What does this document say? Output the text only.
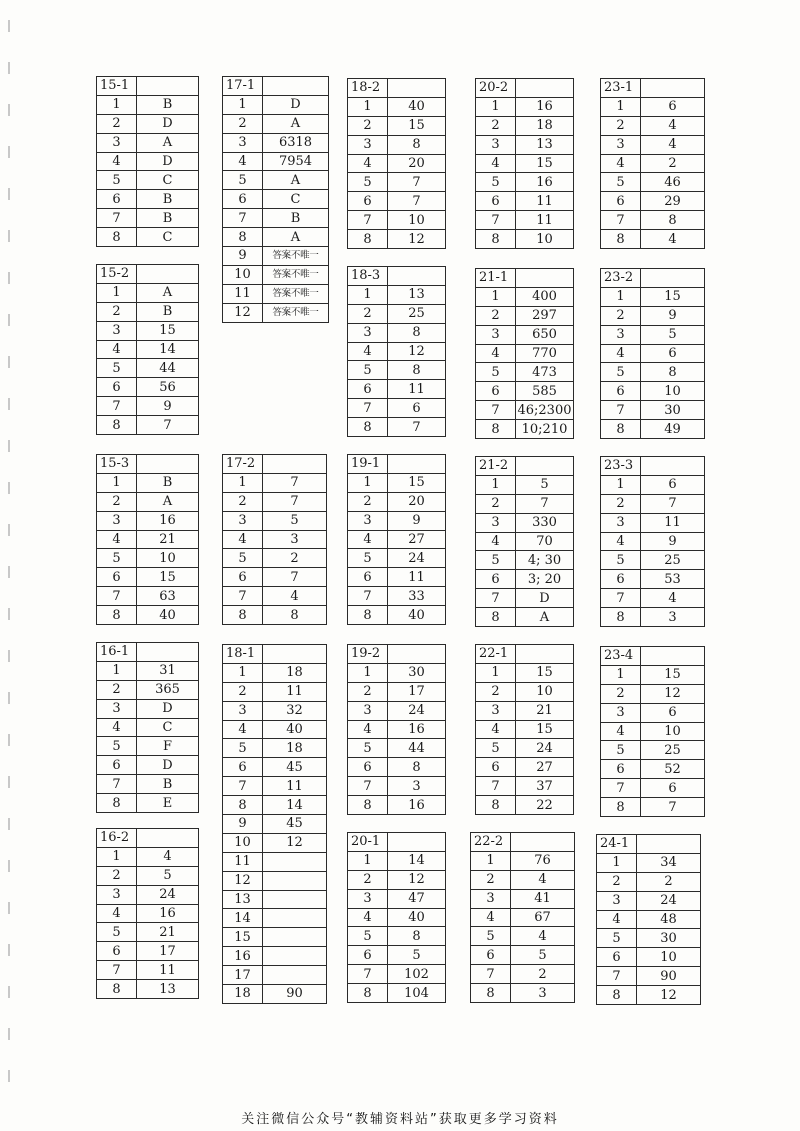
15-1	
1	B
2	D
3	A
4	D
5	C
6	B
7	B
8	C
17-1	
1	D
2	A
3	6318
4	7954
5	A
6	C
7	B
8	A
9	答案不唯一
10	答案不唯一
11	答案不唯一
12	答案不唯一
18-2	
1	40
2	15
3	8
4	20
5	7
6	7
7	10
8	12
20-2	
1	16
2	18
3	13
4	15
5	16
6	11
7	11
8	10
23-1	
1	6
2	4
3	4
4	2
5	46
6	29
7	8
8	4
15-2	
1	A
2	B
3	15
4	14
5	44
6	56
7	9
8	7
18-3	
1	13
2	25
3	8
4	12
5	8
6	11
7	6
8	7
21-1	
1	400
2	297
3	650
4	770
5	473
6	585
7	46;2300
8	10;210
23-2	
1	15
2	9
3	5
4	6
5	8
6	10
7	30
8	49
15-3	
1	B
2	A
3	16
4	21
5	10
6	15
7	63
8	40
17-2	
1	7
2	7
3	5
4	3
5	2
6	7
7	4
8	8
19-1	
1	15
2	20
3	9
4	27
5	24
6	11
7	33
8	40
21-2	
1	5
2	7
3	330
4	70
5	4; 30
6	3; 20
7	D
8	A
23-3	
1	6
2	7
3	11
4	9
5	25
6	53
7	4
8	3
16-1	
1	31
2	365
3	D
4	C
5	F
6	D
7	B
8	E
18-1	
1	18
2	11
3	32
4	40
5	18
6	45
7	11
8	14
9	45
10	12
11	
12	
13	
14	
15	
16	
17	
18	90
19-2	
1	30
2	17
3	24
4	16
5	44
6	8
7	3
8	16
22-1	
1	15
2	10
3	21
4	15
5	24
6	27
7	37
8	22
23-4	
1	15
2	12
3	6
4	10
5	25
6	52
7	6
8	7
16-2	
1	4
2	5
3	24
4	16
5	21
6	17
7	11
8	13
20-1	
1	14
2	12
3	47
4	40
5	8
6	5
7	102
8	104
22-2	
1	76
2	4
3	41
4	67
5	4
6	5
7	2
8	3
24-1	
1	34
2	2
3	24
4	48
5	30
6	10
7	90
8	12
关注微信公众号“教辅资料站”获取更多学习资料
